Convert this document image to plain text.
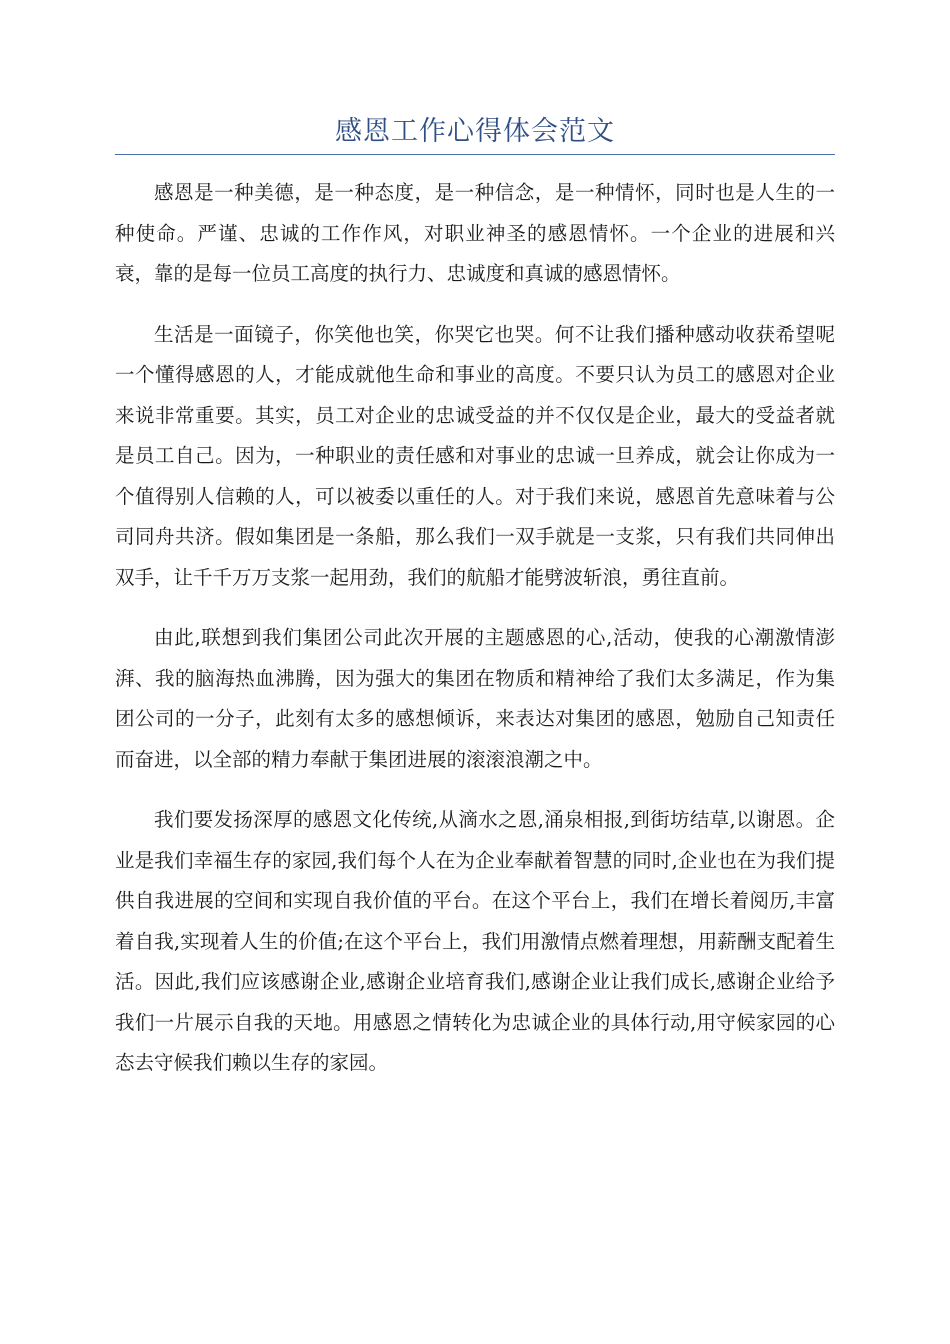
感恩工作心得体会范文

感恩是一种美德，是一种态度，是一种信念，是一种情怀，同时也是人生的一种使命。严谨、忠诚的工作作风，对职业神圣的感恩情怀。一个企业的进展和兴衰，靠的是每一位员工高度的执行力、忠诚度和真诚的感恩情怀。

生活是一面镜子，你笑他也笑，你哭它也哭。何不让我们播种感动收获希望呢一个懂得感恩的人，才能成就他生命和事业的高度。不要只认为员工的感恩对企业来说非常重要。其实，员工对企业的忠诚受益的并不仅仅是企业，最大的受益者就是员工自己。因为，一种职业的责任感和对事业的忠诚一旦养成，就会让你成为一个值得别人信赖的人，可以被委以重任的人。对于我们来说，感恩首先意味着与公司同舟共济。假如集团是一条船，那么我们一双手就是一支浆，只有我们共同伸出双手，让千千万万支浆一起用劲，我们的航船才能劈波斩浪，勇往直前。

由此,联想到我们集团公司此次开展的主题感恩的心,活动，使我的心潮激情澎湃、我的脑海热血沸腾，因为强大的集团在物质和精神给了我们太多满足，作为集团公司的一分子，此刻有太多的感想倾诉，来表达对集团的感恩，勉励自己知责任而奋进，以全部的精力奉献于集团进展的滚滚浪潮之中。

我们要发扬深厚的感恩文化传统,从滴水之恩,涌泉相报,到街坊结草,以谢恩。企业是我们幸福生存的家园,我们每个人在为企业奉献着智慧的同时,企业也在为我们提供自我进展的空间和实现自我价值的平台。在这个平台上，我们在增长着阅历,丰富着自我,实现着人生的价值;在这个平台上，我们用激情点燃着理想，用薪酬支配着生活。因此,我们应该感谢企业,感谢企业培育我们,感谢企业让我们成长,感谢企业给予我们一片展示自我的天地。用感恩之情转化为忠诚企业的具体行动,用守候家园的心态去守候我们赖以生存的家园。
